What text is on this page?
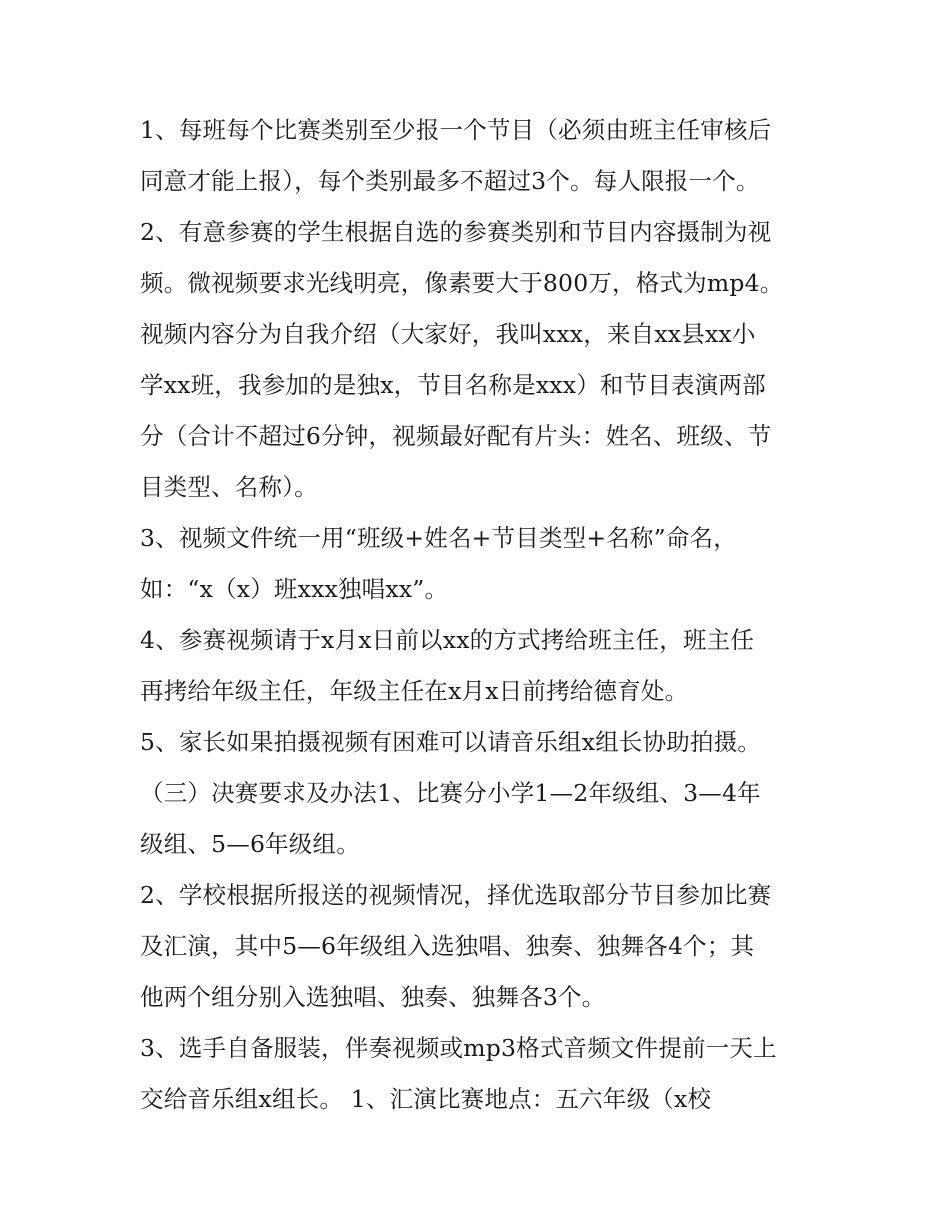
1、每班每个比赛类别至少报一个节目（必须由班主任审核后
同意才能上报），每个类别最多不超过3个。每人限报一个。
2、有意参赛的学生根据自选的参赛类别和节目内容摄制为视
频。微视频要求光线明亮，像素要大于800万，格式为mp4。
视频内容分为自我介绍（大家好，我叫xxx，来自xx县xx小
学xx班，我参加的是独x，节目名称是xxx）和节目表演两部
分（合计不超过6分钟，视频最好配有片头：姓名、班级、节
目类型、名称）。
3、视频文件统一用“班级+姓名+节目类型+名称”命名，
如：“x（x）班xxx独唱xx”。
4、参赛视频请于x月x日前以xx的方式拷给班主任，班主任
再拷给年级主任，年级主任在x月x日前拷给德育处。
5、家长如果拍摄视频有困难可以请音乐组x组长协助拍摄。
（三）决赛要求及办法1、比赛分小学1—2年级组、3—4年
级组、5—6年级组。
2、学校根据所报送的视频情况，择优选取部分节目参加比赛
及汇演，其中5—6年级组入选独唱、独奏、独舞各4个；其
他两个组分别入选独唱、独奏、独舞各3个。
3、选手自备服装，伴奏视频或mp3格式音频文件提前一天上
交给音乐组x组长。 1、汇演比赛地点：五六年级（x校
